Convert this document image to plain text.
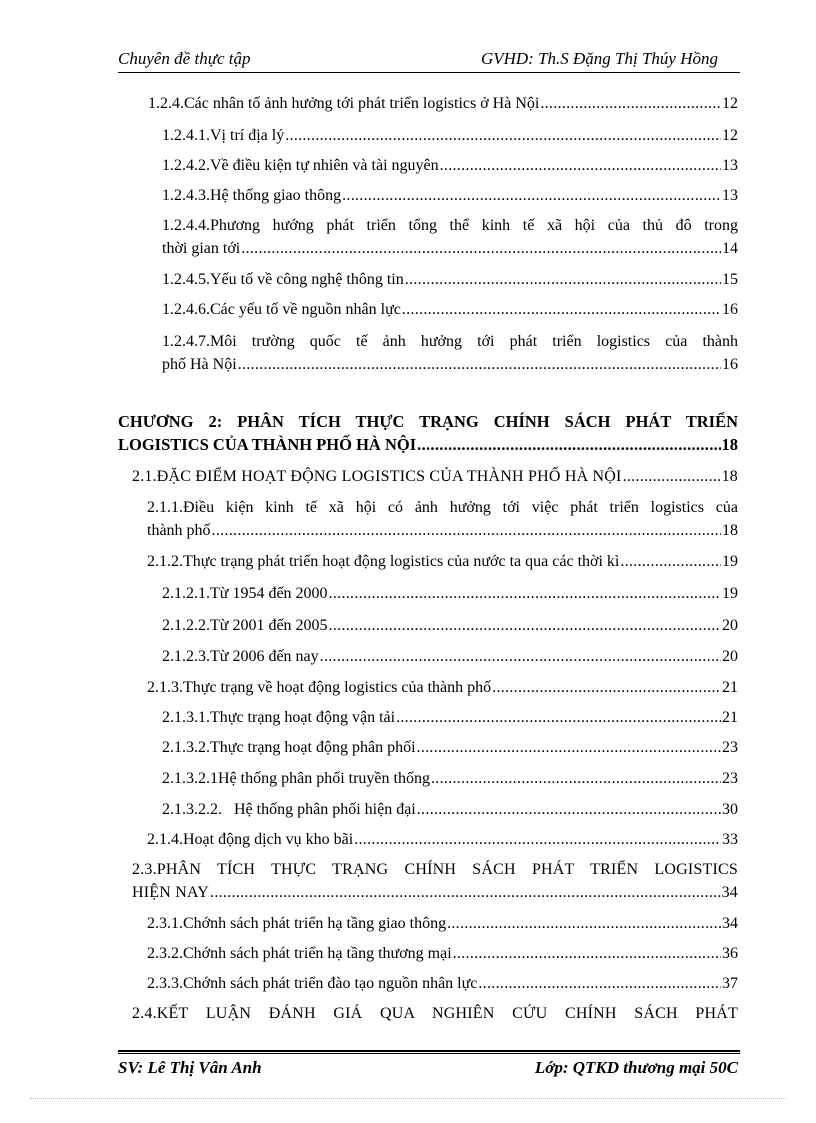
Chuyên đề thực tập	GVHD: Th.S Đặng Thị Thúy Hồng
1.2.4.Các nhân tố ảnh hưởng tới phát triển logistics ở Hà Nội .....	12
1.2.4.1.Vị trí địa lý .....	12
1.2.4.2.Về điều kiện tự nhiên và tài nguyên .....	13
1.2.4.3.Hệ thống giao thông .....	13
1.2.4.4.Phương hướng phát triển tổng thể kinh tế xã hội của thủ đô trong
thời gian tới .....	14
1.2.4.5.Yếu tố về công nghệ thông tin .....	15
1.2.4.6.Các yếu tố về nguồn nhân lực .....	16
1.2.4.7.Môi trường quốc tế ảnh hưởng tới phát triển logistics của thành
phố Hà Nội .....	16
CHƯƠNG 2: PHÂN TÍCH THỰC TRẠNG CHÍNH SÁCH PHÁT TRIỂN
LOGISTICS CỦA THÀNH PHỐ HÀ NỘI .....	18
2.1.ĐẶC ĐIỂM HOẠT ĐỘNG LOGISTICS CỦA THÀNH PHỐ HÀ NỘI .....	18
2.1.1.Điều kiện kinh tế xã hội có ảnh hưởng tới việc phát triển logistics của
thành phố .....	18
2.1.2.Thực trạng phát triển hoạt động logistics của nước ta qua các thời kì .....	19
2.1.2.1.Từ 1954 đến 2000 .....	19
2.1.2.2.Từ 2001 đến 2005 .....	20
2.1.2.3.Từ 2006 đến nay .....	20
2.1.3.Thực trạng về hoạt động logistics của thành phố .....	21
2.1.3.1.Thực trạng hoạt động vận tải .....	21
2.1.3.2.Thực trạng hoạt động phân phối .....	23
2.1.3.2.1Hệ thống phân phối truyền thống .....	23
2.1.3.2.2.   Hệ thống phân phối hiện đại .....	30
2.1.4.Hoạt động dịch vụ kho bãi .....	33
2.3.PHÂN TÍCH THỰC TRẠNG CHÍNH SÁCH PHÁT TRIỂN LOGISTICS
HIỆN NAY .....	34
2.3.1.Chớnh sách phát triển hạ tầng giao thông .....	34
2.3.2.Chớnh sách phát triển hạ tầng thương mại .....	36
2.3.3.Chớnh sách phát triển đào tạo nguồn nhân lực .....	37
2.4.KẾT LUẬN ĐÁNH GIÁ QUA NGHIÊN CỨU CHÍNH SÁCH PHÁT
SV: Lê Thị Vân Anh	Lớp: QTKD thương mại 50C
